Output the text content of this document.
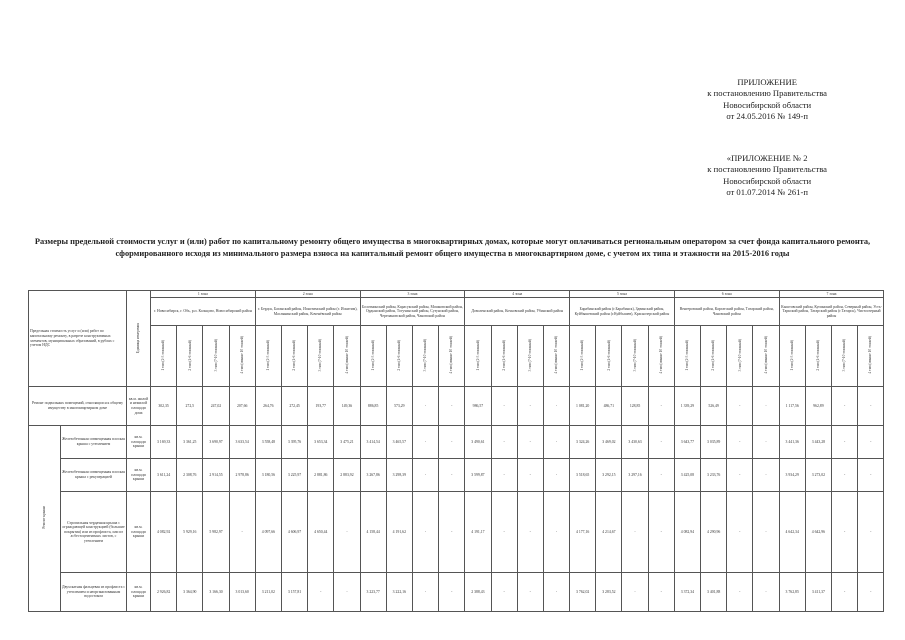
ПРИЛОЖЕНИЕ
к постановлению Правительства
Новосибирской области
от 24.05.2016 № 149-п
«ПРИЛОЖЕНИЕ № 2
к постановлению Правительства
Новосибирской области
от 01.07.2014 № 261-п
Размеры предельной стоимости услуг и (или) работ по капитальному ремонту общего имущества в многоквартирных домах, которые могут оплачиваться региональным оператором за счет фонда капитального ремонта, сформированного исходя из минимального размера взноса на капитальный ремонт общего имущества в многоквартирном доме, с учетом их типа и этажности на 2015-2016 годы
Предельная стоимость услуг и (или) работ по капитальному ремонту, в разрезе конструктивных элементов, муниципальных образований, в рублях с учетом НДС		Единица измерения	1 зона				2 зона				3 зона				4 зона				5 зона				6 зона				7 зона			
			г. Новосибирск, г. Обь, р.п. Кольцово, Новосибирский район				г. Бердск, Баганский район, Искитимский район (г. Искитим), Маслянинский район, Коченёвский район				Болотнинский район, Карасукский район, Мошковский район, Ордынский район, Тогучинский район, Сузунский район, Черепановский район, Чановский район				Доволенский район, Кочковский район, Убинский район				Барабинский район (г.Барабинск), Здвинский район, Куйбышевский район (г.Куйбышев), Краснозерский район				Венгеровский район, Каргатский район, Татарский район, Чановский район				Кыштовский район, Купинский район, Северный район, Усть-Таркский район, Татарский район (г.Татарск), Чистоозерный район			
			1 тип (2-3 этажный)	2 тип (4-6 этажный)	3 тип (7-10 этажный)	4 тип (свыше 10 этажей)	1 тип (2-3 этажный)	2 тип (4-6 этажный)	3 тип (7-10 этажный)	4 тип (свыше 10 этажей)	1 тип (2-3 этажный)	2 тип (4-6 этажный)	3 тип (7-10 этажный)	4 тип (свыше 10 этажей)	1 тип (2-3 этажный)	2 тип (4-6 этажный)	3 тип (7-10 этажный)	4 тип (свыше 10 этажей)	1 тип (2-3 этажный)	2 тип (4-6 этажный)	3 тип (7-10 этажный)	4 тип (свыше 10 этажей)	1 тип (2-3 этажный)	2 тип (4-6 этажный)	3 тип (7-10 этажный)	4 тип (свыше 10 этажей)	1 тип (2-3 этажный)	2 тип (4-6 этажный)	3 тип (7-10 этажный)	4 тип (свыше 10 этажей)
Ремонт подвальных помещений, относящихся к общему имуществу в многоквартирном доме		кв.м. жилой и нежилой площади дома	302,35	272,5	247,02	207,66	264,76	272,45	193,77	149,36	886,85	573,29	-	-	986,57	-	-	-	1 081,20	486,71	128,85	-	1 339,29	526,49	-	-	1 117,56	962,89	-	-
Ремонт крыши	Железобетонная совмещенная плоская крыша с утеплением	кв.м. площади крыши	3 169,33	3 361,25	3 690,97	3 633,54	3 558,48	3 395,76	3 653,34	3 475,21	3 414,54	3 465,57	-	-	3 490,61	-	-	-	3 324,26	3 469,02	3 430,63	-	3 643,77	3 035,89	-	-	3 441,36	3 443,28	-	-
	Железобетонная совмещенная плоская крыша с рекуперацией	кв.м. площади крыши	3 611,24	2 308,76	2 914,55	2 978,86	3 180,56	3 225,97	2 881,86	2 883,92	3 267,86	3 298,39	-	-	3 599,87	-	-	-	3 518,65	3 292,15	3 297,16	-	3 425,08	3 233,76	-	-	3 934,29	3 273,02	-	-
	Стропильная чердачная крыша с ограждающей конструкцией (большие покрытия) или из профлиста, или из асбестоцементных листов, с утеплением	кв.м. площади крыши	4 082,92	5 929,16	5 982,97	-	4 097,66	4 606,97	4 650,44	-	4 158,44	4 191,62	-	-	4 191,17	-	-	-	4 177,16	4 214,67	-	-	4 082,94	4 290,96	-	-	4 642,34	4 642,96	-	-
	Двухскатная фальцевая из профлиста с утеплением и неорганизованным водостоком	кв.м. площади крыши	2 926,82	3 364,90	3 166,30	3 013,60	3 211,02	3 157,81	-	-	3 223,77	3 222,16	-	-	2 388,43	-	-	-	3 762,02	3 283,52	-	-	3 372,34	3 401,88	-	-	3 762,85	3 411,37	-	-
